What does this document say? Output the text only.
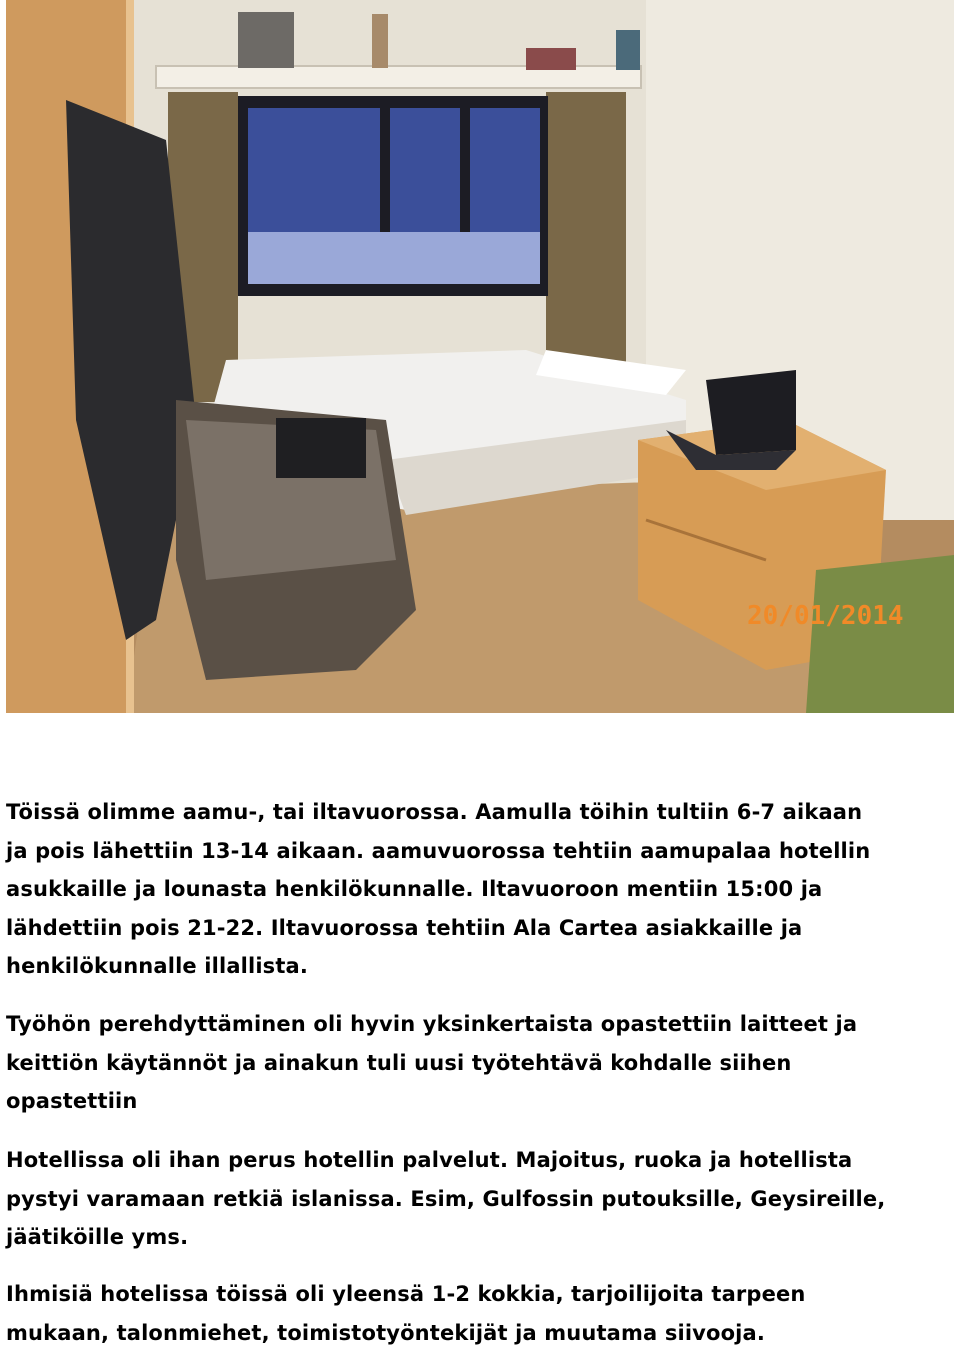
20/01/2014
Töissä olimme aamu-, tai iltavuorossa. Aamulla töihin tultiin 6-7 aikaan
ja pois lähettiin 13-14 aikaan. aamuvuorossa tehtiin aamupalaa hotellin
asukkaille ja lounasta henkilökunnalle. Iltavuoroon mentiin 15:00 ja
lähdettiin pois 21-22. Iltavuorossa tehtiin Ala Cartea asiakkaille ja
henkilökunnalle illallista.
Työhön perehdyttäminen oli hyvin yksinkertaista opastettiin laitteet ja
keittiön käytännöt ja ainakun tuli uusi työtehtävä kohdalle siihen
opastettiin
Hotellissa oli ihan perus hotellin palvelut. Majoitus, ruoka ja hotellista
pystyi varamaan retkiä islanissa. Esim, Gulfossin putouksille, Geysireille,
jäätiköille yms.
Ihmisiä hotelissa töissä oli yleensä 1-2 kokkia, tarjoilijoita tarpeen
mukaan, talonmiehet, toimistotyöntekijät ja muutama siivooja.
